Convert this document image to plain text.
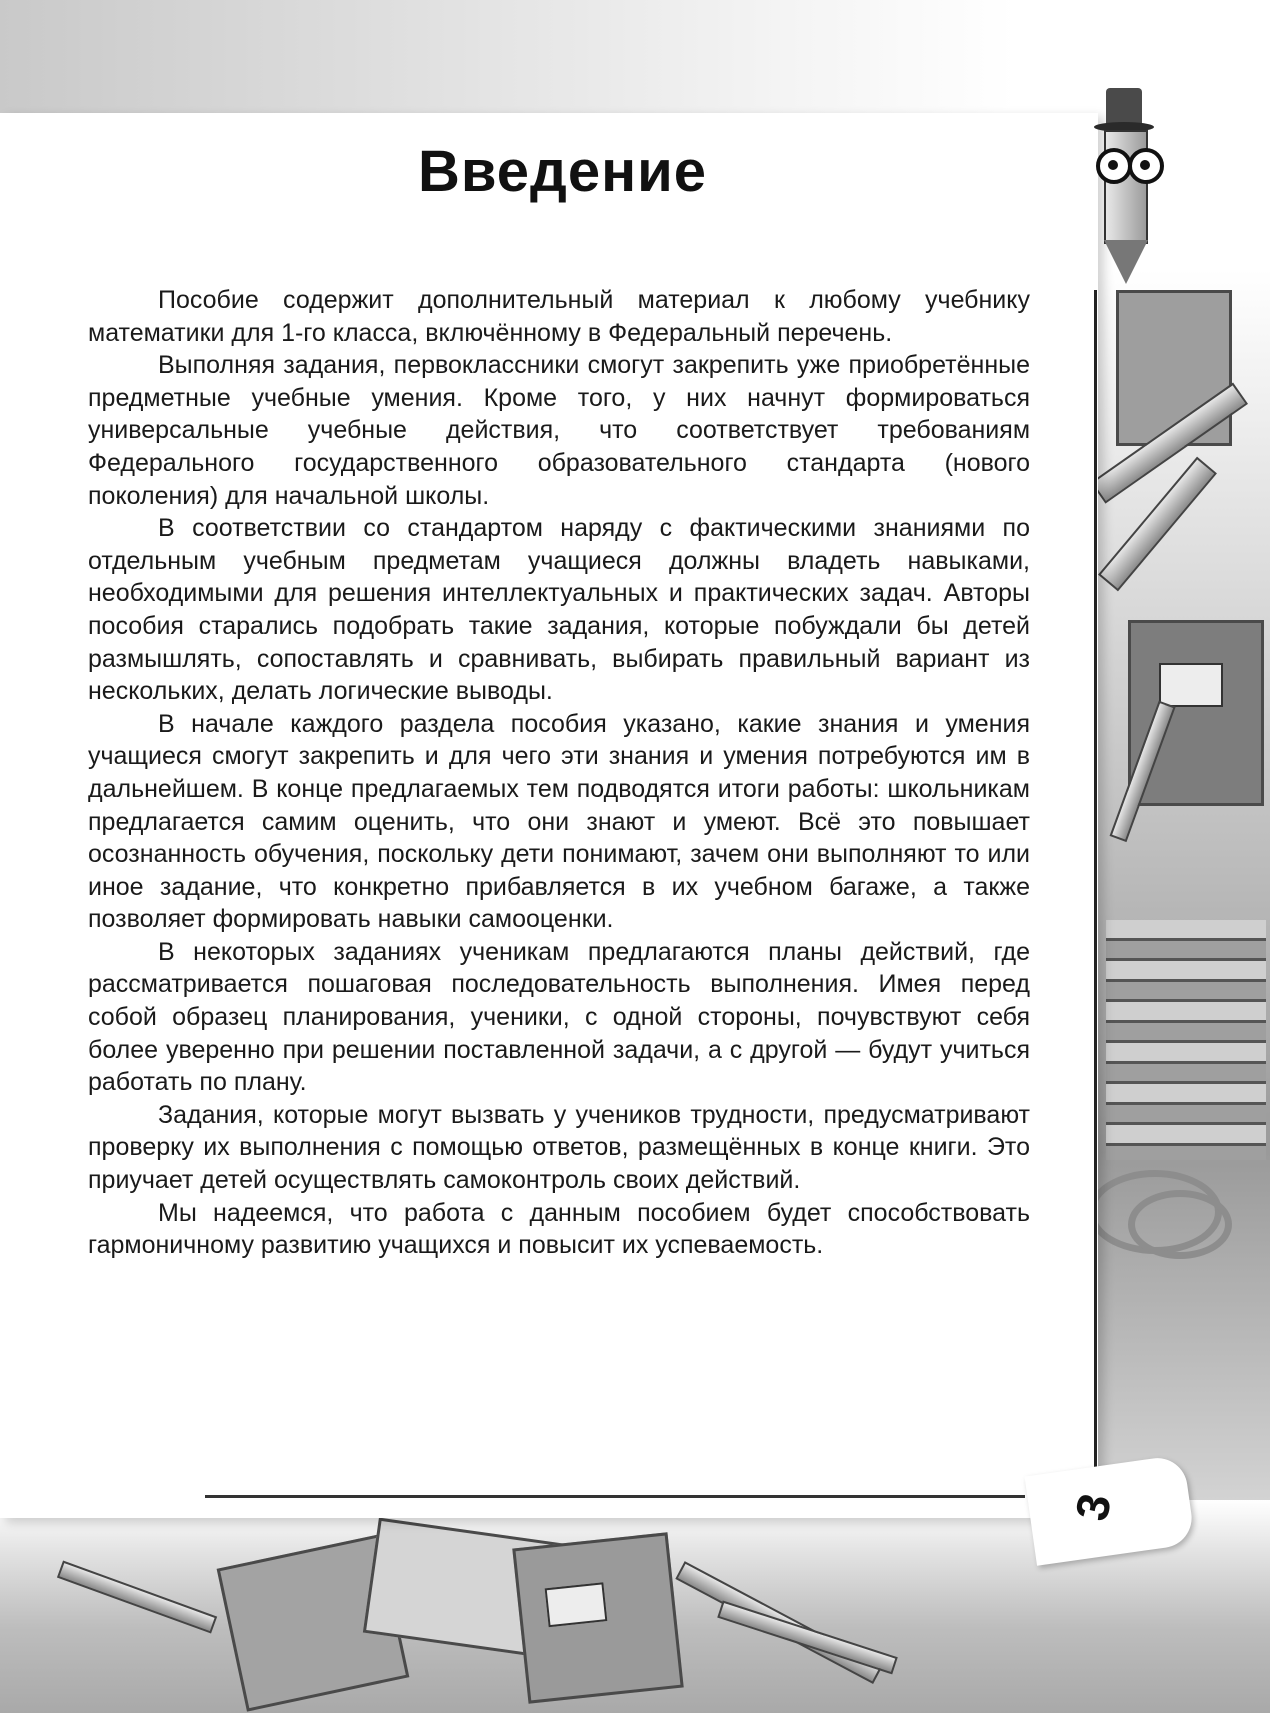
3
Введение

Пособие содержит дополнительный материал к любому учебнику математики для 1-го класса, включённому в Федеральный перечень.

Выполняя задания, первоклассники смогут закрепить уже приобретённые предметные учебные умения. Кроме того, у них начнут формироваться универсальные учебные действия, что соответствует требованиям Федерального государственного образовательного стандарта (нового поколения) для начальной школы.

В соответствии со стандартом наряду с фактическими знаниями по отдельным учебным предметам учащиеся должны владеть навыками, необходимыми для решения интеллектуальных и практических задач. Авторы пособия старались подобрать такие задания, которые побуждали бы детей размышлять, сопоставлять и сравнивать, выбирать правильный вариант из нескольких, делать логические выводы.

В начале каждого раздела пособия указано, какие знания и умения учащиеся смогут закрепить и для чего эти знания и умения потребуются им в дальнейшем. В конце предлагаемых тем подводятся итоги работы: школьникам предлагается самим оценить, что они знают и умеют. Всё это повышает осознанность обучения, поскольку дети понимают, зачем они выполняют то или иное задание, что конкретно прибавляется в их учебном багаже, а также позволяет формировать навыки самооценки.

В некоторых заданиях ученикам предлагаются планы действий, где рассматривается пошаговая последовательность выполнения. Имея перед собой образец планирования, ученики, с одной стороны, почувствуют себя более уверенно при решении поставленной задачи, а с другой — будут учиться работать по плану.

Задания, которые могут вызвать у учеников трудности, предусматривают проверку их выполнения с помощью ответов, размещённых в конце книги. Это приучает детей осуществлять самоконтроль своих действий.

Мы надеемся, что работа с данным пособием будет способствовать гармоничному развитию учащихся и повысит их успеваемость.
